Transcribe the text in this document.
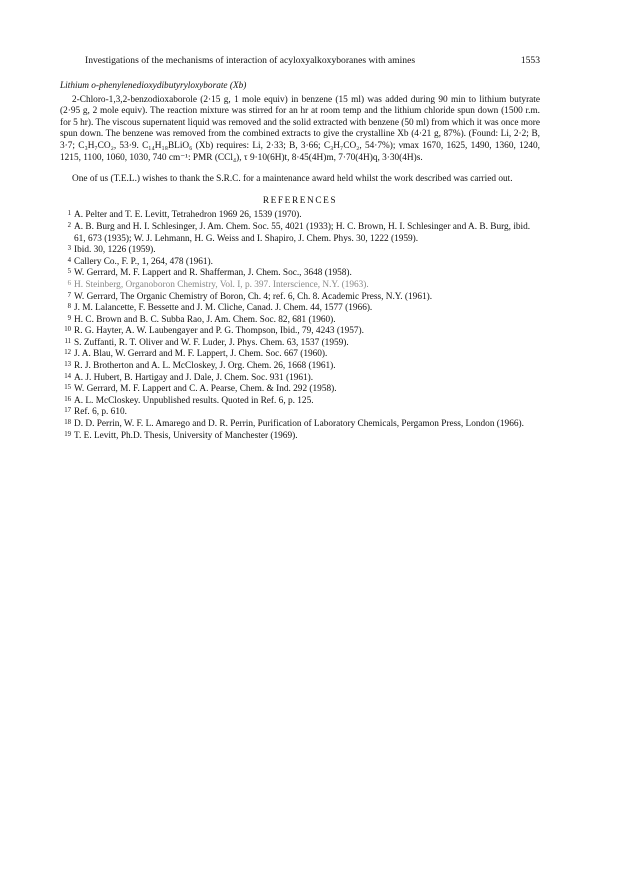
Investigations of the mechanisms of interaction of acyloxyalkoxyboranes with amines	1553

Lithium o-phenylenedioxydibutyryloxyborate (Xb)

2-Chloro-1,3,2-benzodioxaborole (2·15 g, 1 mole equiv) in benzene (15 ml) was added during 90 min to lithium butyrate (2·95 g, 2 mole equiv). The reaction mixture was stirred for an hr at room temp and the lithium chloride spun down (1500 r.m. for 5 hr). The viscous supernatent liquid was removed and the solid extracted with benzene (50 ml) from which it was once more spun down. The benzene was removed from the combined extracts to give the crystalline Xb (4·21 g, 87%). (Found: Li, 2·2; B, 3·7; C₃H₇CO₂, 53·9. C₁₄H₁₈BLiO₆ (Xb) requires: Li, 2·33; B, 3·66; C₃H₇CO₂, 54·7%); νmax 1670, 1625, 1490, 1360, 1240, 1215, 1100, 1060, 1030, 740 cm⁻¹: PMR (CCl₄), τ 9·10(6H)t, 8·45(4H)m, 7·70(4H)q, 3·30(4H)s.

One of us (T.E.L.) wishes to thank the S.R.C. for a maintenance award held whilst the work described was carried out.

REFERENCES

1 A. Pelter and T. E. Levitt, Tetrahedron 1969 26, 1539 (1970).

2 A. B. Burg and H. I. Schlesinger, J. Am. Chem. Soc. 55, 4021 (1933); H. C. Brown, H. I. Schlesinger and A. B. Burg, ibid. 61, 673 (1935); W. J. Lehmann, H. G. Weiss and I. Shapiro, J. Chem. Phys. 30, 1222 (1959).

3 Ibid. 30, 1226 (1959).

4 Callery Co., F. P., 1, 264, 478 (1961).

5 W. Gerrard, M. F. Lappert and R. Shafferman, J. Chem. Soc., 3648 (1958).

6 H. Steinberg, Organoboron Chemistry, Vol. I, p. 397. Interscience, N.Y. (1963).

7 W. Gerrard, The Organic Chemistry of Boron, Ch. 4; ref. 6, Ch. 8. Academic Press, N.Y. (1961).

8 J. M. Lalancette, F. Bessette and J. M. Cliche, Canad. J. Chem. 44, 1577 (1966).

9 H. C. Brown and B. C. Subba Rao, J. Am. Chem. Soc. 82, 681 (1960).

10 R. G. Hayter, A. W. Laubengayer and P. G. Thompson, Ibid., 79, 4243 (1957).

11 S. Zuffanti, R. T. Oliver and W. F. Luder, J. Phys. Chem. 63, 1537 (1959).

12 J. A. Blau, W. Gerrard and M. F. Lappert, J. Chem. Soc. 667 (1960).

13 R. J. Brotherton and A. L. McCloskey, J. Org. Chem. 26, 1668 (1961).

14 A. J. Hubert, B. Hartigay and J. Dale, J. Chem. Soc. 931 (1961).

15 W. Gerrard, M. F. Lappert and C. A. Pearse, Chem. & Ind. 292 (1958).

16 A. L. McCloskey. Unpublished results. Quoted in Ref. 6, p. 125.

17 Ref. 6, p. 610.

18 D. D. Perrin, W. F. L. Amarego and D. R. Perrin, Purification of Laboratory Chemicals, Pergamon Press, London (1966).

19 T. E. Levitt, Ph.D. Thesis, University of Manchester (1969).
